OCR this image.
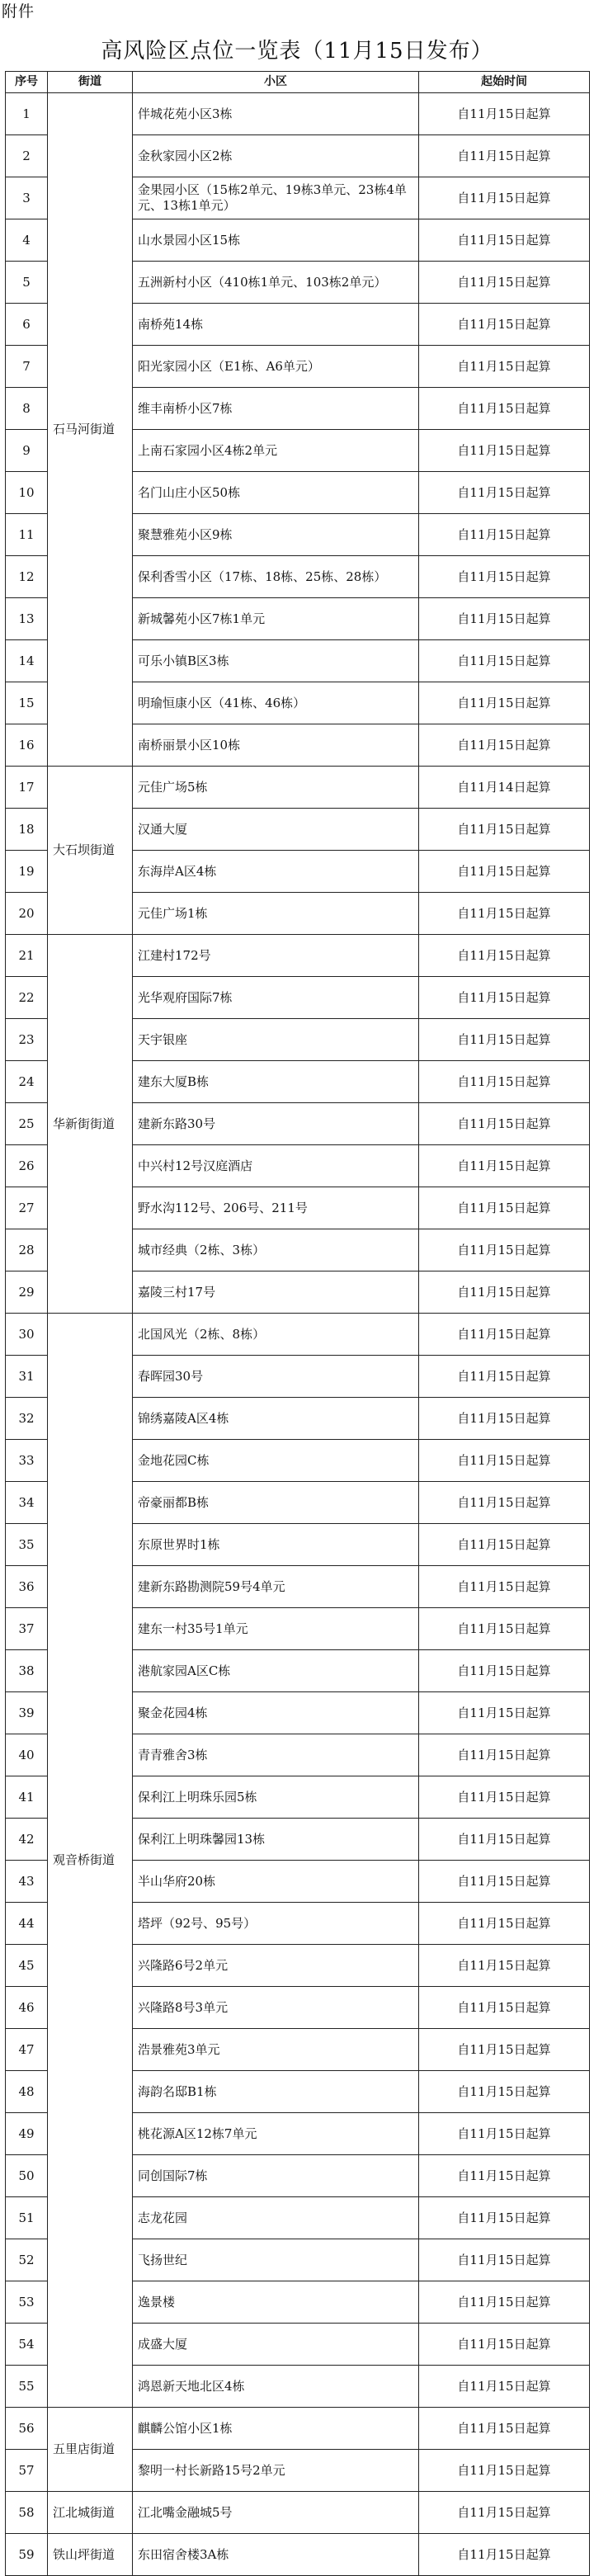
附件
高风险区点位一览表（11月15日发布）
序号	街道	小区	起始时间
1	石马河街道	伴城花苑小区3栋	自11月15日起算
2		金秋家园小区2栋	自11月15日起算
3		金果园小区（15栋2单元、19栋3单元、23栋4单元、13栋1单元）	自11月15日起算
4		山水景园小区15栋	自11月15日起算
5		五洲新村小区（410栋1单元、103栋2单元）	自11月15日起算
6		南桥苑14栋	自11月15日起算
7		阳光家园小区（E1栋、A6单元）	自11月15日起算
8		维丰南桥小区7栋	自11月15日起算
9		上南石家园小区4栋2单元	自11月15日起算
10		名门山庄小区50栋	自11月15日起算
11		聚慧雅苑小区9栋	自11月15日起算
12		保利香雪小区（17栋、18栋、25栋、28栋）	自11月15日起算
13		新城馨苑小区7栋1单元	自11月15日起算
14		可乐小镇B区3栋	自11月15日起算
15		明瑜恒康小区（41栋、46栋）	自11月15日起算
16		南桥丽景小区10栋	自11月15日起算
17	大石坝街道	元佳广场5栋	自11月14日起算
18		汉通大厦	自11月15日起算
19		东海岸A区4栋	自11月15日起算
20		元佳广场1栋	自11月15日起算
21	华新街街道	江建村172号	自11月15日起算
22		光华观府国际7栋	自11月15日起算
23		天宇银座	自11月15日起算
24		建东大厦B栋	自11月15日起算
25		建新东路30号	自11月15日起算
26		中兴村12号汉庭酒店	自11月15日起算
27		野水沟112号、206号、211号	自11月15日起算
28		城市经典（2栋、3栋）	自11月15日起算
29		嘉陵三村17号	自11月15日起算
30	观音桥街道	北国风光（2栋、8栋）	自11月15日起算
31		春晖园30号	自11月15日起算
32		锦绣嘉陵A区4栋	自11月15日起算
33		金地花园C栋	自11月15日起算
34		帝豪丽都B栋	自11月15日起算
35		东原世界时1栋	自11月15日起算
36		建新东路勘测院59号4单元	自11月15日起算
37		建东一村35号1单元	自11月15日起算
38		港航家园A区C栋	自11月15日起算
39		聚金花园4栋	自11月15日起算
40		青青雅舍3栋	自11月15日起算
41		保利江上明珠乐园5栋	自11月15日起算
42		保利江上明珠馨园13栋	自11月15日起算
43		半山华府20栋	自11月15日起算
44		塔坪（92号、95号）	自11月15日起算
45		兴隆路6号2单元	自11月15日起算
46		兴隆路8号3单元	自11月15日起算
47		浩景雅苑3单元	自11月15日起算
48		海韵名邸B1栋	自11月15日起算
49		桃花源A区12栋7单元	自11月15日起算
50		同创国际7栋	自11月15日起算
51		志龙花园	自11月15日起算
52		飞扬世纪	自11月15日起算
53		逸景楼	自11月15日起算
54		成盛大厦	自11月15日起算
55		鸿恩新天地北区4栋	自11月15日起算
56	五里店街道	麒麟公馆小区1栋	自11月15日起算
57		黎明一村长新路15号2单元	自11月15日起算
58	江北城街道	江北嘴金融城5号	自11月15日起算
59	铁山坪街道	东田宿舍楼3A栋	自11月15日起算
